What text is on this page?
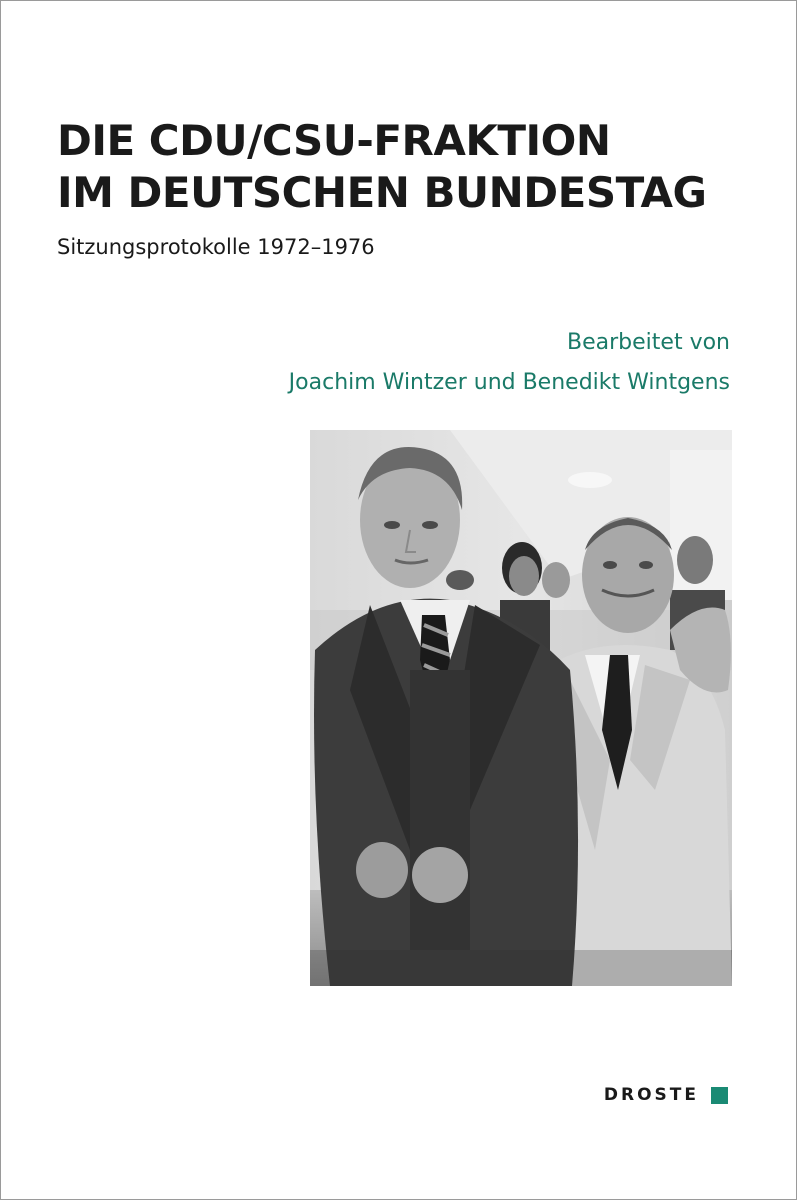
DIE CDU/CSU-FRAKTION
IM DEUTSCHEN BUNDESTAG
Sitzungsprotokolle 1972–1976
Bearbeitet von
Joachim Wintzer und Benedikt Wintgens
DROSTE
